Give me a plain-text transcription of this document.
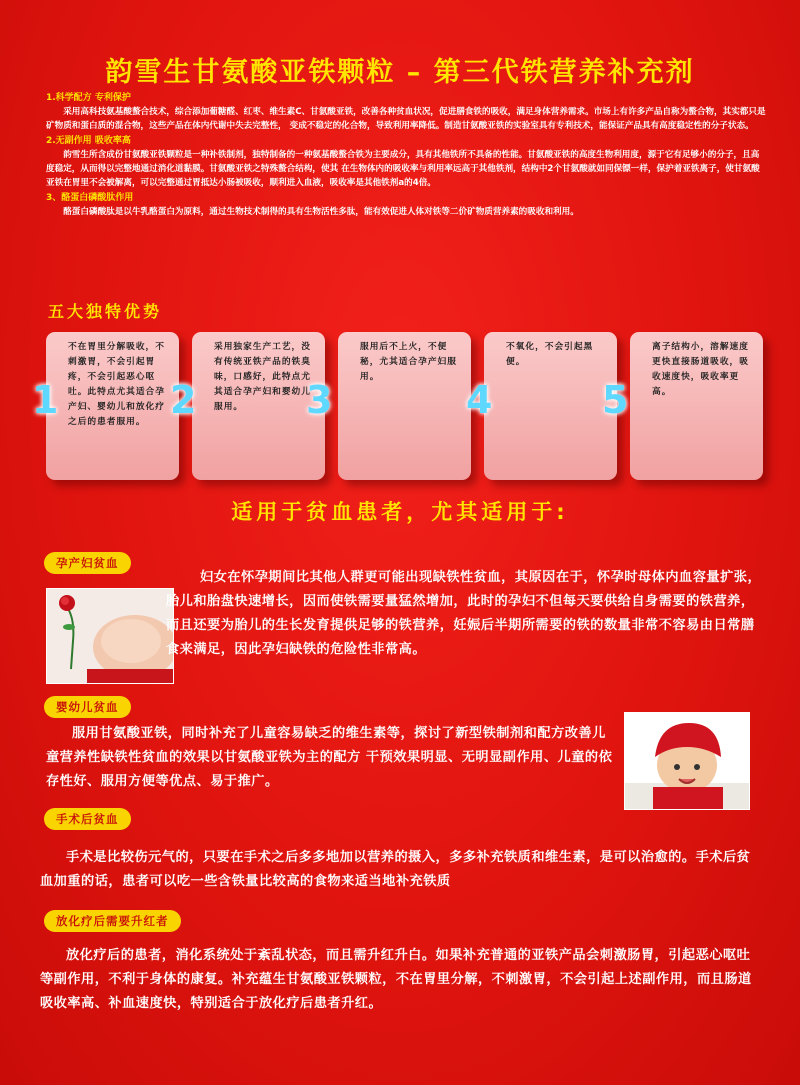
韵雪生甘氨酸亚铁颗粒 – 第三代铁营养补充剂
1.科学配方 专利保护
采用高科技氨基酸螯合技术，综合添加葡糖醛、红枣、维生素C、甘氨酸亚铁，改善各种贫血状况，促进膳食铁的吸收，满足身体营养需求。市场上有许多产品自称为螯合物，其实都只是矿物质和蛋白质的混合物，这些产品在体内代谢中失去完整性， 变成不稳定的化合物，导致利用率降低。制造甘氨酸亚铁的实验室具有专利技术，能保证产品具有高度稳定性的分子状态。
2.无副作用 吸收率高
韵雪生所含成份甘氨酸亚铁颗粒是一种补铁制剂，独特制备的一种氨基酸螯合铁为主要成分，具有其他铁所不具备的性能。甘氨酸亚铁的高度生物利用度，源于它有足够小的分子，且高度稳定，从而得以完整地通过消化道黏膜。甘氨酸亚铁之特殊螯合结构，使其 在生物体内的吸收率与利用率远高于其他铁剂，结构中2个甘氨酸就如同保镖一样，保护着亚铁离子，使甘氨酸亚铁在胃里不会被解离，可以完整通过胃抵达小肠被吸收，顺利进入血液，吸收率是其他铁剂a的4倍。
3、酪蛋白磷酸肽作用
酪蛋白磷酸肽是以牛乳酪蛋白为原料，通过生物技术制得的具有生物活性多肽，能有效促进人体对铁等二价矿物质营养素的吸收和利用。
五大独特优势
不在胃里分解吸收，不刺激胃，不会引起胃疼，不会引起恶心呕吐。此特点尤其适合孕产妇、婴幼儿和放化疗之后的患者服用。
采用独家生产工艺，没有传统亚铁产品的铁臭味，口感好，此特点尤其适合孕产妇和婴幼儿服用。
服用后不上火，不便秘，尤其适合孕产妇服用。
不氧化，不会引起黑便。
离子结构小，溶解速度更快直接肠道吸收，吸收速度快，吸收率更高。
1	2	3	4	5
适用于贫血患者，尤其适用于:
孕产妇贫血
妇女在怀孕期间比其他人群更可能出现缺铁性贫血，其原因在于，怀孕时母体内血容量扩张，胎儿和胎盘快速增长，因而使铁需要量猛然增加，此时的孕妇不但每天要供给自身需要的铁营养，而且还要为胎儿的生长发育提供足够的铁营养，妊娠后半期所需要的铁的数量非常不容易由日常膳食来满足，因此孕妇缺铁的危险性非常高。
婴幼儿贫血
服用甘氨酸亚铁，同时补充了儿童容易缺乏的维生素等，探讨了新型铁制剂和配方改善儿童营养性缺铁性贫血的效果以甘氨酸亚铁为主的配方 干预效果明显、无明显副作用、儿童的依存性好、服用方便等优点、易于推广。
手术后贫血
手术是比较伤元气的，只要在手术之后多多地加以营养的摄入，多多补充铁质和维生素，是可以治愈的。手术后贫血加重的话，患者可以吃一些含铁量比较高的食物来适当地补充铁质
放化疗后需要升红者
放化疗后的患者，消化系统处于紊乱状态，而且需升红升白。如果补充普通的亚铁产品会刺激肠胃，引起恶心呕吐等副作用，不利于身体的康复。补充蕴生甘氨酸亚铁颗粒，不在胃里分解，不刺激胃，不会引起上述副作用，而且肠道吸收率高、补血速度快，特别适合于放化疗后患者升红。
